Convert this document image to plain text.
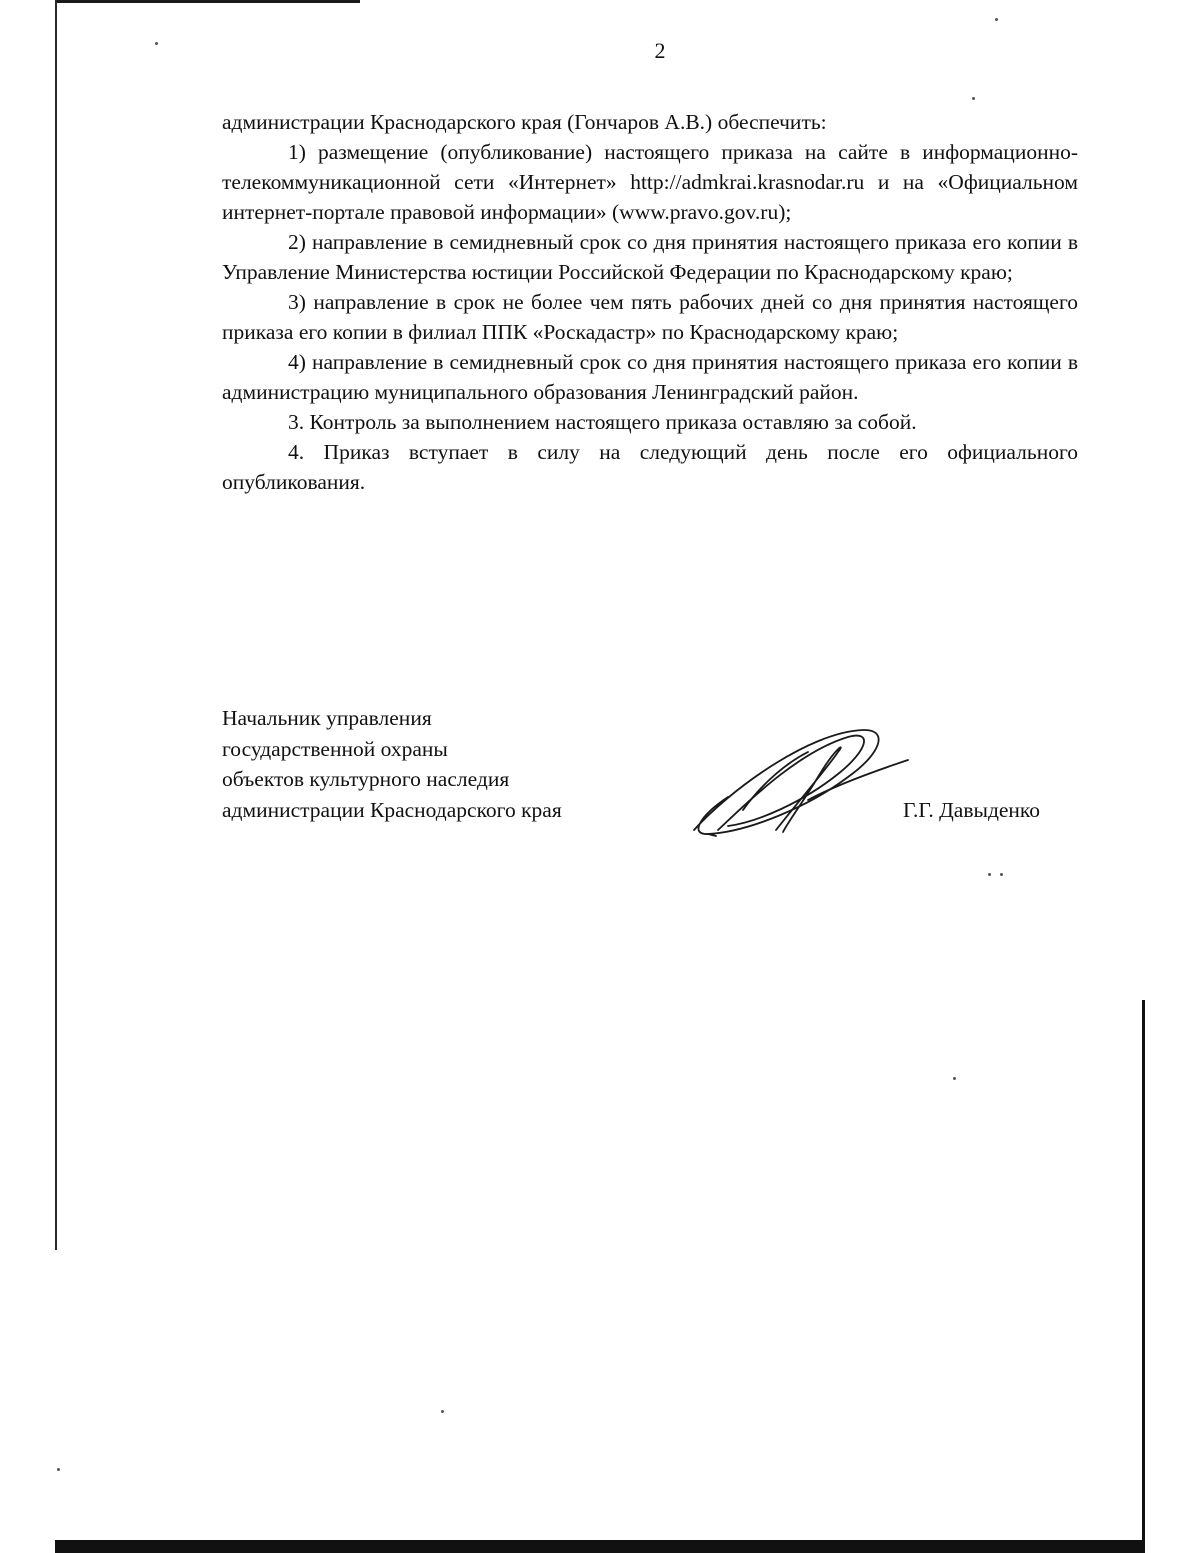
2

администрации Краснодарского края (Гончаров А.В.) обеспечить:

1) размещение (опубликование) настоящего приказа на сайте в информационно-телекоммуникационной сети «Интернет» http://admkrai.krasnodar.ru и на «Официальном интернет-портале правовой информации» (www.pravo.gov.ru);

2) направление в семидневный срок со дня принятия настоящего приказа его копии в Управление Министерства юстиции Российской Федерации по Краснодарскому краю;

3) направление в срок не более чем пять рабочих дней со дня принятия настоящего приказа его копии в филиал ППК «Роскадастр» по Краснодарскому краю;

4) направление в семидневный срок со дня принятия настоящего приказа его копии в администрацию муниципального образования Ленинградский район.

3. Контроль за выполнением настоящего приказа оставляю за собой.

4. Приказ вступает в силу на следующий день после его официального опубликования.

Начальник управления
государственной охраны
объектов культурного наследия
администрации Краснодарского края	Г.Г. Давыденко
